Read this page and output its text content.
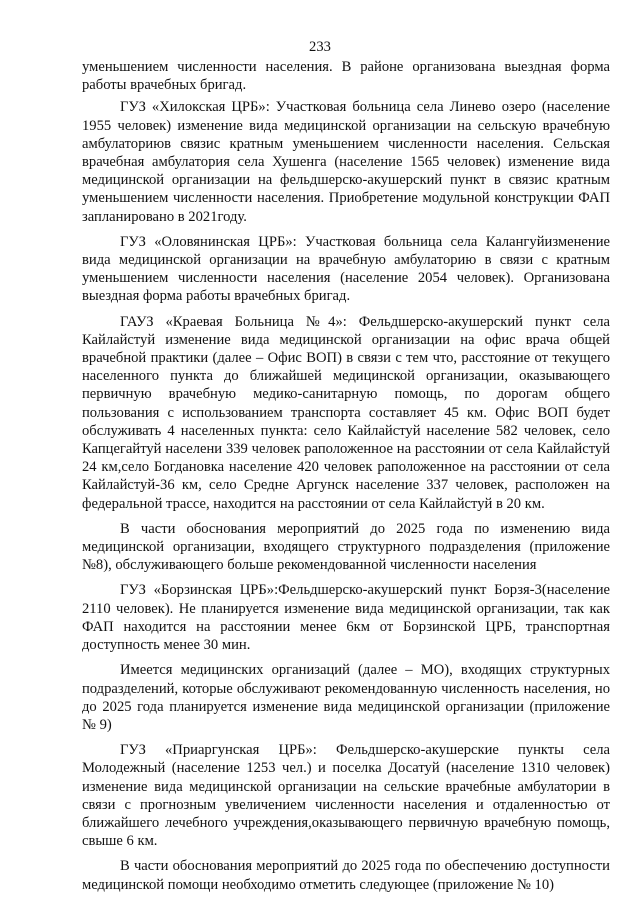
233

уменьшением численности населения. В районе организована выездная форма работы врачебных бригад.

ГУЗ «Хилокская ЦРБ»: Участковая больница села Линево озеро (население 1955 человек) изменение вида медицинской организации на сельскую врачебную амбулаториюв связис кратным уменьшением численности населения. Сельская врачебная амбулатория села Хушенга (население 1565 человек) изменение вида медицинской организации на фельдшерско-акушерский пункт в связис кратным уменьшением численности населения. Приобретение модульной конструкции ФАП запланировано в 2021году.

ГУЗ «Оловянинская ЦРБ»: Участковая больница села Калангуйизменение вида медицинской организации на врачебную амбулаторию в связи с кратным уменьшением численности населения (население 2054 человек). Организована выездная форма работы врачебных бригад.

ГАУЗ «Краевая Больница №4»: Фельдшерско-акушерский пункт села Кайлайстуй изменение вида медицинской организации на офис врача общей врачебной практики (далее – Офис ВОП) в связи с тем что, расстояние от текущего населенного пункта до ближайшей медицинской организации, оказывающего первичную врачебную медико-санитарную помощь, по дорогам общего пользования с использованием транспорта составляет 45 км. Офис ВОП будет обслуживать 4 населенных пункта: село Кайлайстуй население 582 человек, село Капцегайтуй населени 339 человек раположенное на расстоянии от села Кайлайстуй 24 км,село Богдановка население 420 человек раположенное на расстоянии от села Кайлайстуй-36 км, село Средне Аргунск население 337 человек, расположен на федеральной трассе, находится на расстоянии от села Кайлайстуй в 20 км.

В части обоснования мероприятий до 2025 года по изменению вида медицинской организации, входящего структурного подразделения (приложение №8), обслуживающего больше рекомендованной численности населения

ГУЗ «Борзинская ЦРБ»:Фельдшерско-акушерский пункт Борзя-3(население 2110 человек). Не планируется изменение вида медицинской организации, так как ФАП находится на расстоянии менее 6км от Борзинской ЦРБ, транспортная доступность менее 30 мин.

Имеется медицинских организаций (далее – МО), входящих структурных подразделений, которые обслуживают рекомендованную численность населения, но до 2025 года планируется изменение вида медицинской организации (приложение № 9)

ГУЗ «Приаргунская ЦРБ»: Фельдшерско-акушерские пункты села Молодежный (население 1253 чел.) и поселка Досатуй (население 1310 человек) изменение вида медицинской организации на сельские врачебные амбулатории в связи с прогнозным увеличением численности населения и отдаленностью от ближайшего лечебного учреждения,оказывающего первичную врачебную помощь, свыше 6 км.

В части обоснования мероприятий до 2025 года по обеспечению доступности медицинской помощи необходимо отметить следующее (приложение № 10)
